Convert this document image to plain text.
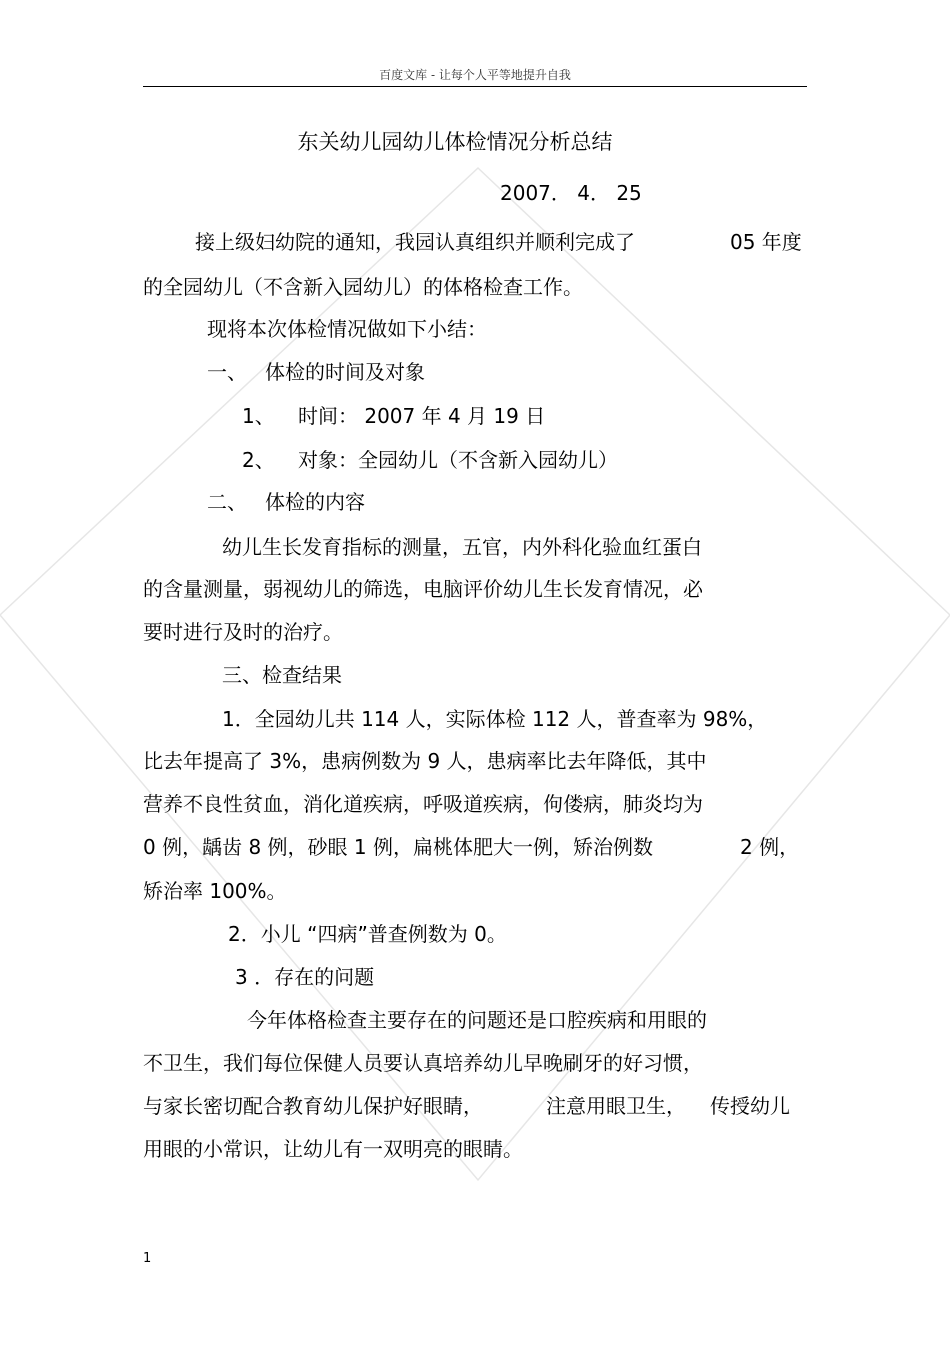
百度文库 - 让每个人平等地提升自我
东关幼儿园幼儿体检情况分析总结
2007． 4． 25
接上级妇幼院的通知，我园认真组织并顺利完成了	05 年度
的全园幼儿（不含新入园幼儿）的体格检查工作。
现将本次体检情况做如下小结：
一、 体检的时间及对象
1、 时间： 2007 年 4 月 19 日
2、 对象：全园幼儿（不含新入园幼儿）
二、 体检的内容
幼儿生长发育指标的测量，五官，内外科化验血红蛋白
的含量测量，弱视幼儿的筛选，电脑评价幼儿生长发育情况，必
要时进行及时的治疗。
三、检查结果
1．全园幼儿共 114 人，实际体检 112 人，普查率为 98%，
比去年提高了 3%，患病例数为 9 人，患病率比去年降低，其中
营养不良性贫血，消化道疾病，呼吸道疾病，佝偻病，肺炎均为
0 例，龋齿 8 例，砂眼 1 例，扁桃体肥大一例，矫治例数	2 例，
矫治率 100%。
2．小儿 “四病”普查例数为 0。
3 ．存在的问题
今年体格检查主要存在的问题还是口腔疾病和用眼的
不卫生，我们每位保健人员要认真培养幼儿早晚刷牙的好习惯，
与家长密切配合教育幼儿保护好眼睛，	注意用眼卫生， 传授幼儿
用眼的小常识，让幼儿有一双明亮的眼睛。
1
